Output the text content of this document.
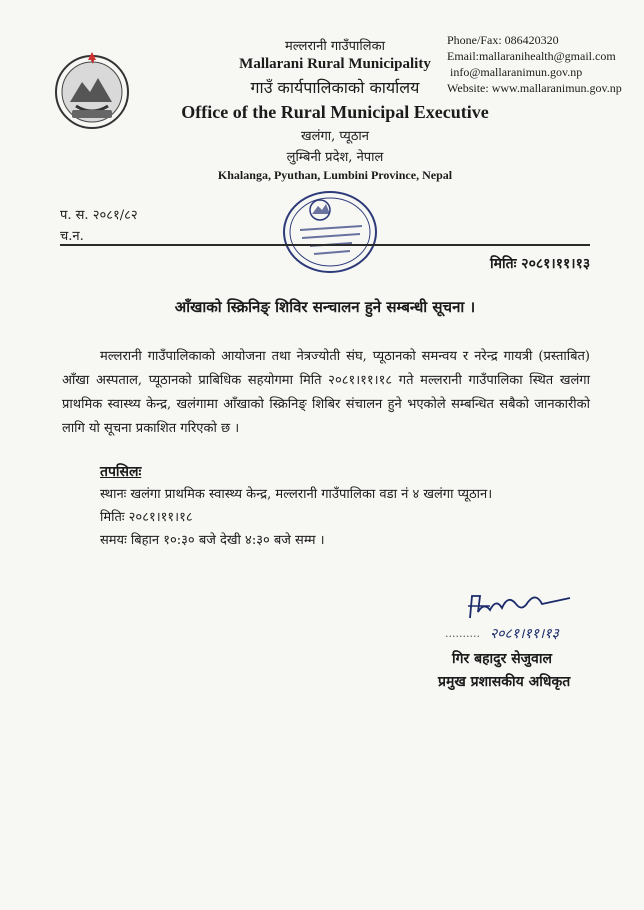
मल्लरानी गाउँपालिका
Mallarani Rural Municipality
गाउँ कार्यपालिकाको कार्यालय
Office of the Rural Municipal Executive
खलंगा, प्यूठान
लुम्बिनी प्रदेश, नेपाल
Khalanga, Pyuthan, Lumbini Province, Nepal
Phone/Fax: 086420320
Email:mallaranihealth@gmail.com
info@mallaranimun.gov.np
Website: www.mallaranimun.gov.np
प. स. २०८१/८२
च.न.
मितिः २०८१।११।१३
आँखाको स्क्रिनिङ् शिविर सन्चालन हुने सम्बन्धी सूचना ।
मल्लरानी गाउँपालिकाको आयोजना तथा नेत्रज्योती संघ, प्यूठानको समन्वय र नरेन्द्र गायत्री (प्रस्ताबित) आँखा अस्पताल, प्यूठानको प्राबिधिक सहयोगमा मिति २०८१।११।१८ गते मल्लरानी गाउँपालिका स्थित खलंगा प्राथमिक स्वास्थ्य केन्द्र, खलंगामा आँखाको स्क्रिनिङ् शिबिर संचालन हुने भएकोले सम्बन्धित सबैको जानकारीको लागि यो सूचना प्रकाशित गरिएको छ ।
तपसिलः
स्थानः खलंगा प्राथमिक स्वास्थ्य केन्द्र, मल्लरानी गाउँपालिका वडा नं ४ खलंगा प्यूठान।
मितिः २०८१।११।१८
समयः बिहान १०:३० बजे देखी ४:३० बजे सम्म ।
.......... २०८१।११।१३
गिर बहादुर सेजुवाल
प्रमुख प्रशासकीय अधिकृत
